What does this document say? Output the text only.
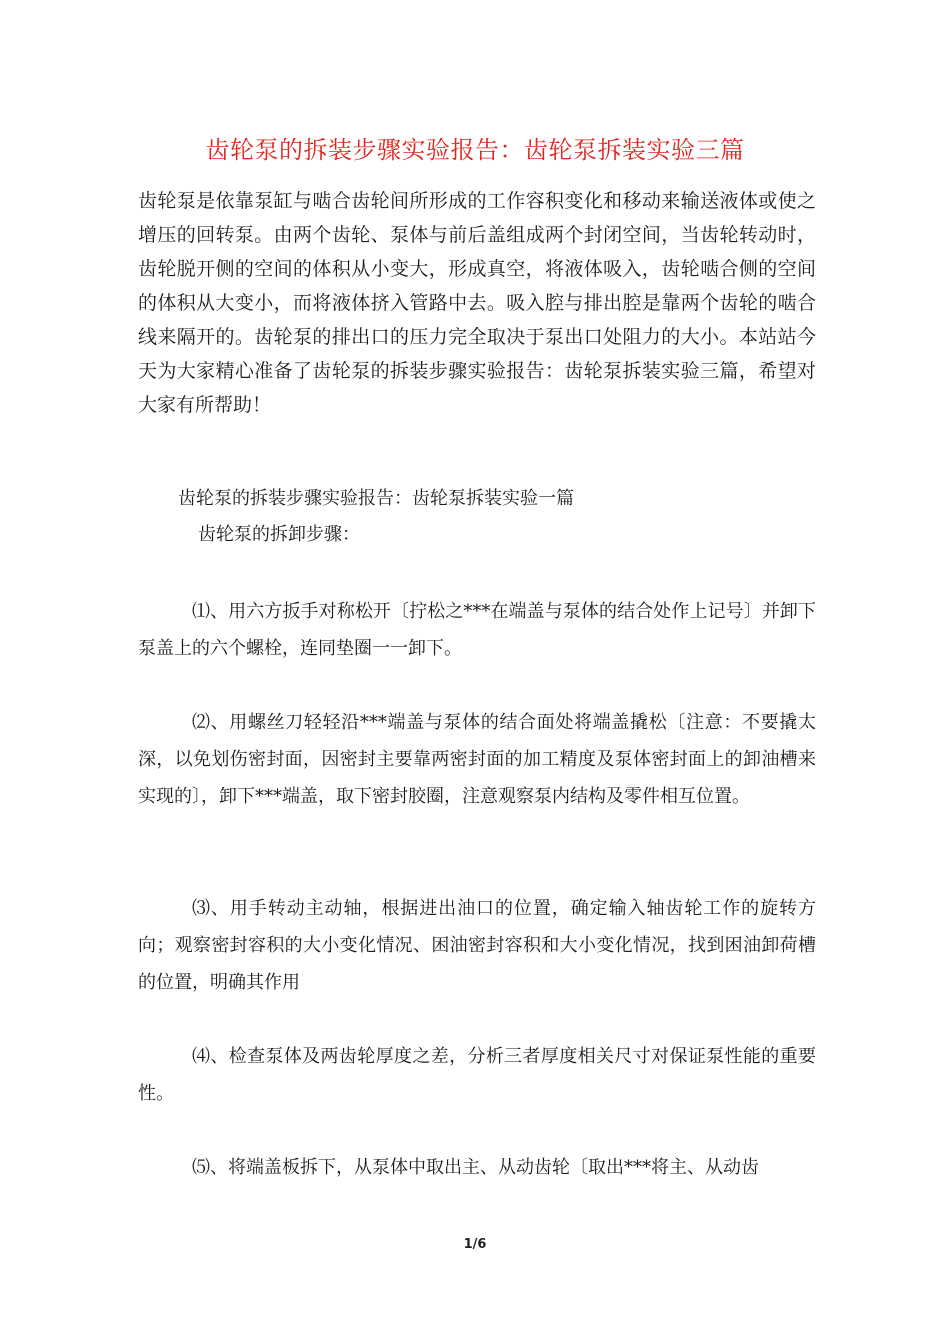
齿轮泵的拆装步骤实验报告：齿轮泵拆装实验三篇

齿轮泵是依靠泵缸与啮合齿轮间所形成的工作容积变化和移动来输送液体或使之增压的回转泵。由两个齿轮、泵体与前后盖组成两个封闭空间，当齿轮转动时，齿轮脱开侧的空间的体积从小变大，形成真空，将液体吸入，齿轮啮合侧的空间的体积从大变小，而将液体挤入管路中去。吸入腔与排出腔是靠两个齿轮的啮合线来隔开的。齿轮泵的排出口的压力完全取决于泵出口处阻力的大小。本站站今天为大家精心准备了齿轮泵的拆装步骤实验报告：齿轮泵拆装实验三篇，希望对大家有所帮助！

齿轮泵的拆装步骤实验报告：齿轮泵拆装实验一篇

齿轮泵的拆卸步骤：

⑴、用六方扳手对称松开〔拧松之***在端盖与泵体的结合处作上记号〕并卸下泵盖上的六个螺栓，连同垫圈一一卸下。

⑵、用螺丝刀轻轻沿***端盖与泵体的结合面处将端盖撬松〔注意：不要撬太深，以免划伤密封面，因密封主要靠两密封面的加工精度及泵体密封面上的卸油槽来实现的〕，卸下***端盖，取下密封胶圈，注意观察泵内结构及零件相互位置。

⑶、用手转动主动轴，根据进出油口的位置，确定输入轴齿轮工作的旋转方向；观察密封容积的大小变化情况、困油密封容积和大小变化情况，找到困油卸荷槽的位置，明确其作用

⑷、检查泵体及两齿轮厚度之差，分析三者厚度相关尺寸对保证泵性能的重要性。

⑸、将端盖板拆下，从泵体中取出主、从动齿轮〔取出***将主、从动齿

1/6
